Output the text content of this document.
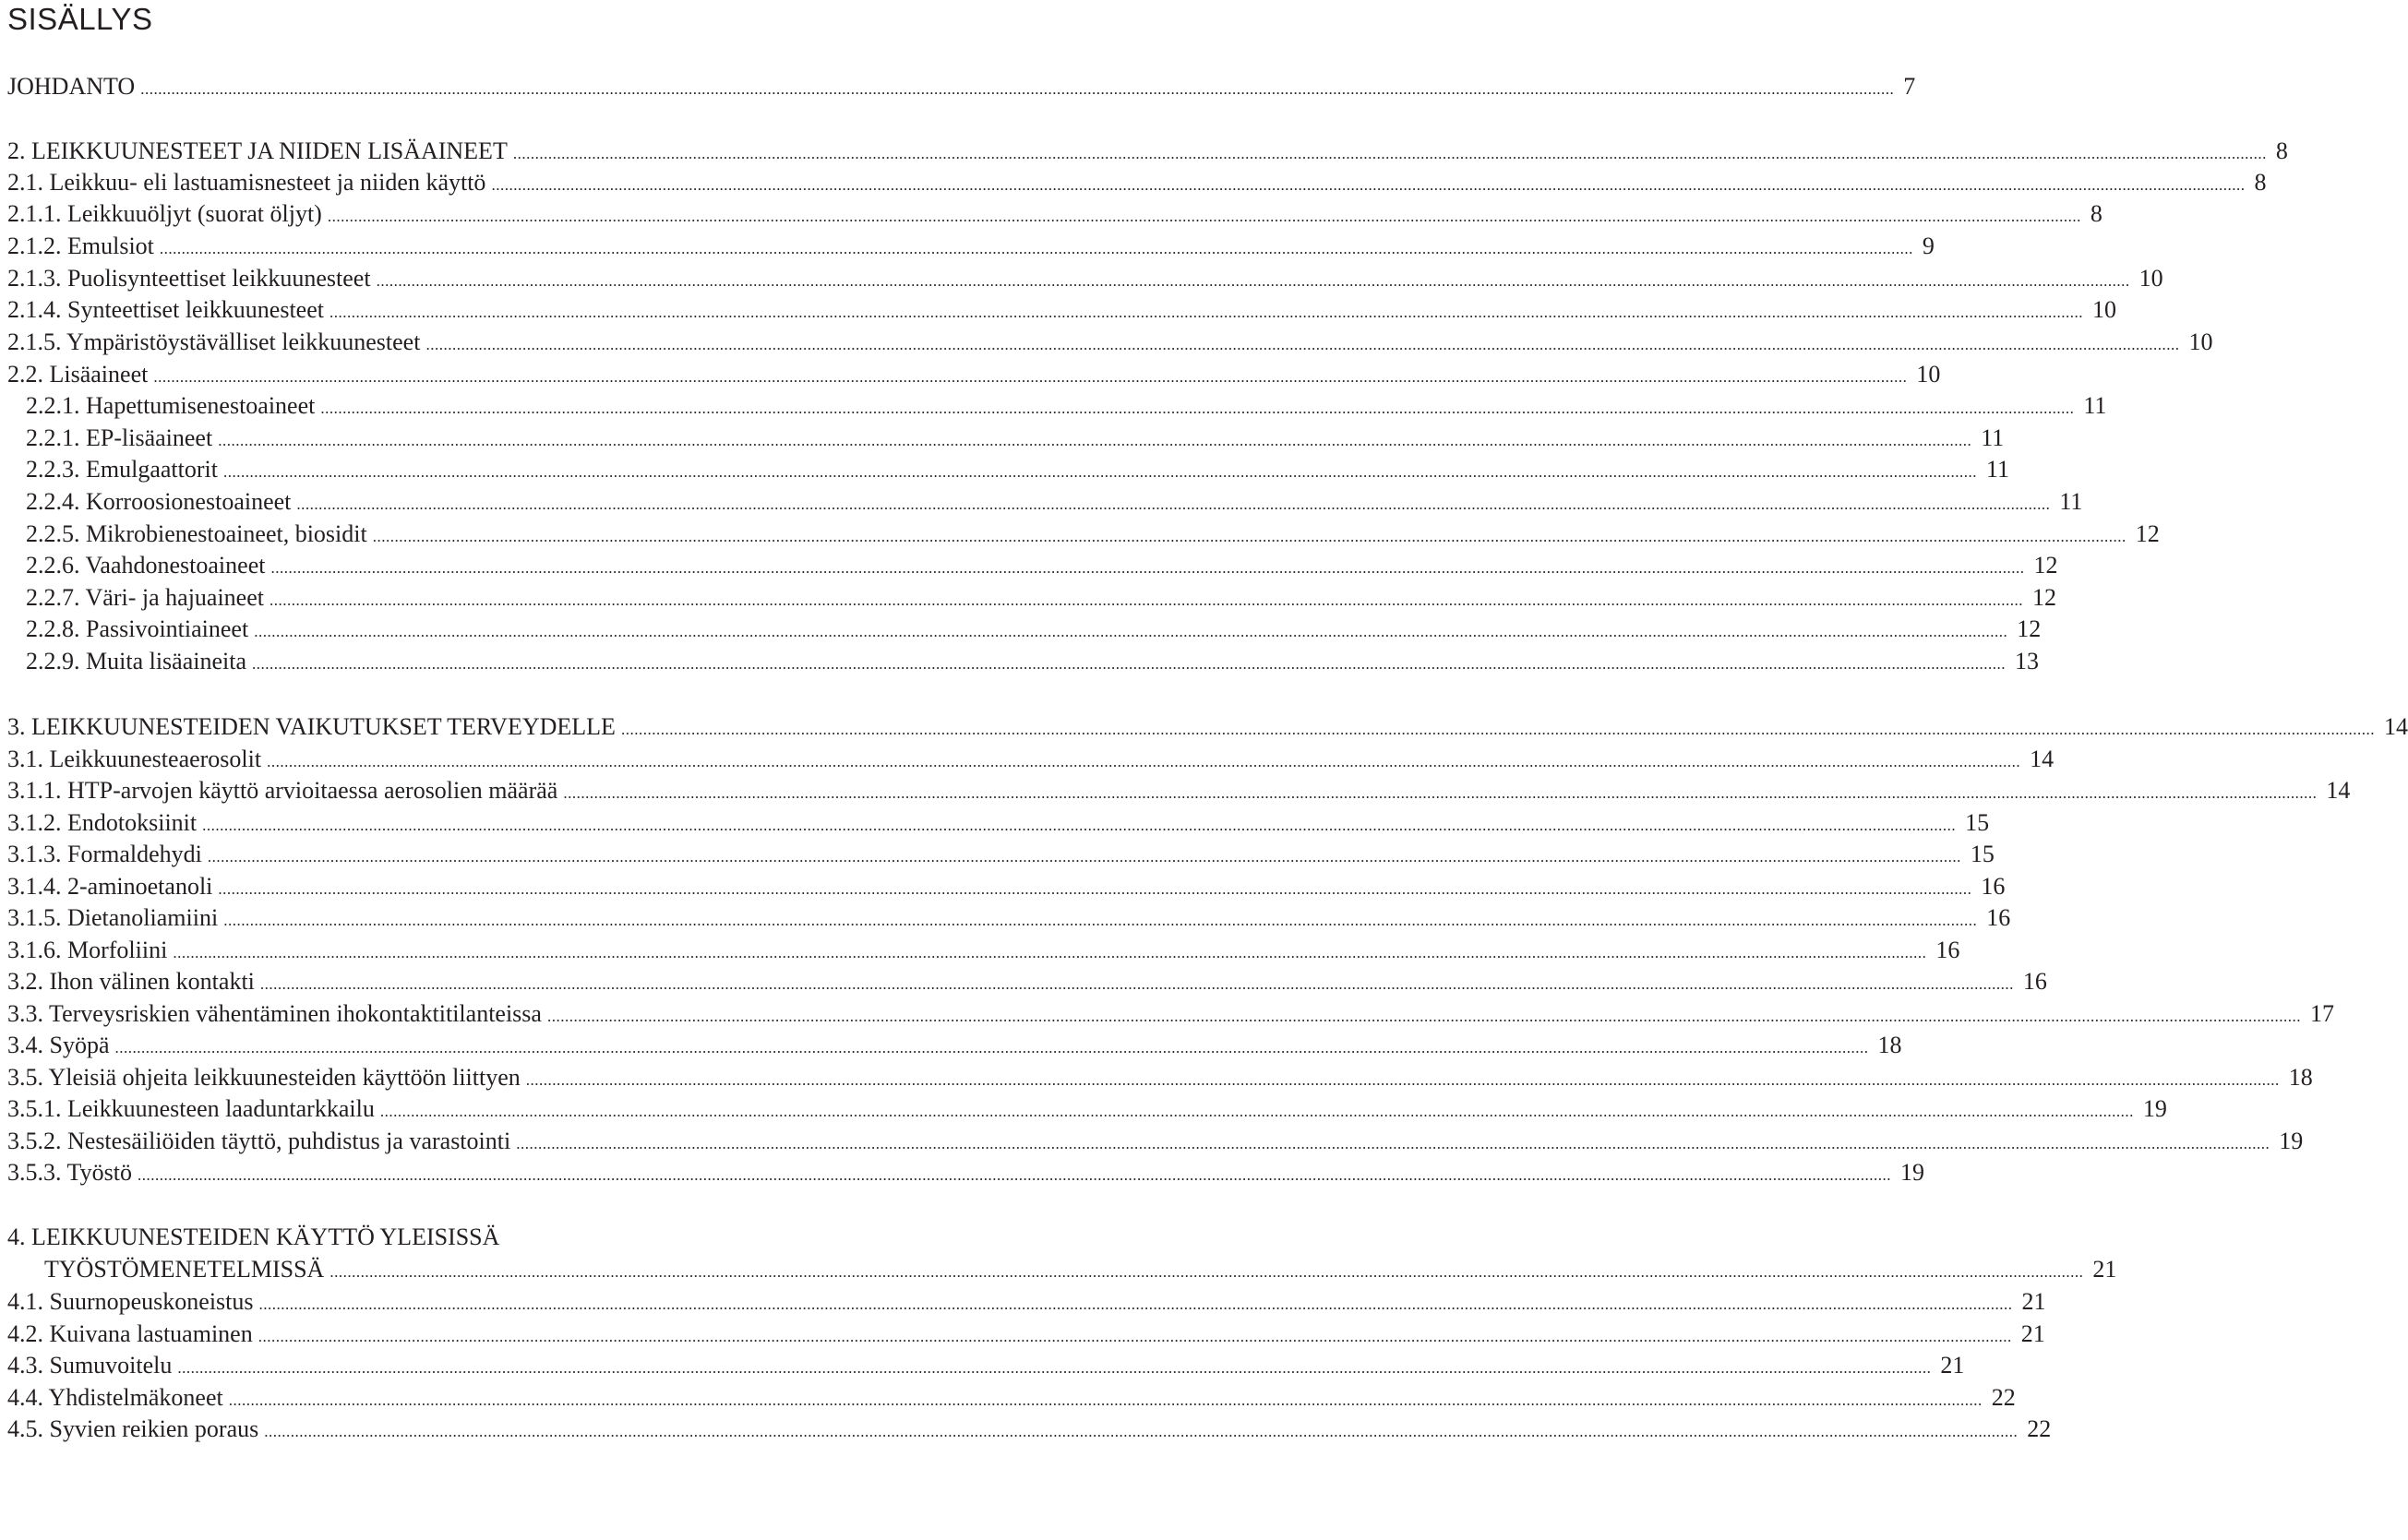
SISÄLLYS
JOHDANTO ................................................................................................................................................................................................................................................................................................................................................................................................................ 7
2. LEIKKUUNESTEET JA NIIDEN LISÄAINEET ................................................................................................................................................................................................................................................................................................................................................................................................................ 8
2.1. Leikkuu- eli lastuamisnesteet ja niiden käyttö ................................................................................................................................................................................................................................................................................................................................................................................................................ 8
2.1.1. Leikkuuöljyt (suorat öljyt) ................................................................................................................................................................................................................................................................................................................................................................................................................ 8
2.1.2. Emulsiot ................................................................................................................................................................................................................................................................................................................................................................................................................ 9
2.1.3. Puolisynteettiset leikkuunesteet ................................................................................................................................................................................................................................................................................................................................................................................................................ 10
2.1.4. Synteettiset leikkuunesteet ................................................................................................................................................................................................................................................................................................................................................................................................................ 10
2.1.5. Ympäristöystävälliset leikkuunesteet ................................................................................................................................................................................................................................................................................................................................................................................................................ 10
2.2. Lisäaineet ................................................................................................................................................................................................................................................................................................................................................................................................................ 10
2.2.1. Hapettumisenestoaineet ................................................................................................................................................................................................................................................................................................................................................................................................................ 11
2.2.1. EP-lisäaineet ................................................................................................................................................................................................................................................................................................................................................................................................................ 11
2.2.3. Emulgaattorit ................................................................................................................................................................................................................................................................................................................................................................................................................ 11
2.2.4. Korroosionestoaineet ................................................................................................................................................................................................................................................................................................................................................................................................................ 11
2.2.5. Mikrobienestoaineet, biosidit ................................................................................................................................................................................................................................................................................................................................................................................................................ 12
2.2.6. Vaahdonestoaineet ................................................................................................................................................................................................................................................................................................................................................................................................................ 12
2.2.7. Väri- ja hajuaineet ................................................................................................................................................................................................................................................................................................................................................................................................................ 12
2.2.8. Passivointiaineet ................................................................................................................................................................................................................................................................................................................................................................................................................ 12
2.2.9. Muita lisäaineita ................................................................................................................................................................................................................................................................................................................................................................................................................ 13
3. LEIKKUUNESTEIDEN VAIKUTUKSET TERVEYDELLE ................................................................................................................................................................................................................................................................................................................................................................................................................ 14
3.1. Leikkuunesteaerosolit ................................................................................................................................................................................................................................................................................................................................................................................................................ 14
3.1.1. HTP-arvojen käyttö arvioitaessa aerosolien määrää ................................................................................................................................................................................................................................................................................................................................................................................................................ 14
3.1.2. Endotoksiinit ................................................................................................................................................................................................................................................................................................................................................................................................................ 15
3.1.3. Formaldehydi ................................................................................................................................................................................................................................................................................................................................................................................................................ 15
3.1.4. 2-aminoetanoli ................................................................................................................................................................................................................................................................................................................................................................................................................ 16
3.1.5. Dietanoliamiini ................................................................................................................................................................................................................................................................................................................................................................................................................ 16
3.1.6. Morfoliini ................................................................................................................................................................................................................................................................................................................................................................................................................ 16
3.2. Ihon välinen kontakti ................................................................................................................................................................................................................................................................................................................................................................................................................ 16
3.3. Terveysriskien vähentäminen ihokontaktitilanteissa ................................................................................................................................................................................................................................................................................................................................................................................................................ 17
3.4. Syöpä ................................................................................................................................................................................................................................................................................................................................................................................................................ 18
3.5. Yleisiä ohjeita leikkuunesteiden käyttöön liittyen ................................................................................................................................................................................................................................................................................................................................................................................................................ 18
3.5.1. Leikkuunesteen laaduntarkkailu ................................................................................................................................................................................................................................................................................................................................................................................................................ 19
3.5.2. Nestesäiliöiden täyttö, puhdistus ja varastointi ................................................................................................................................................................................................................................................................................................................................................................................................................ 19
3.5.3. Työstö ................................................................................................................................................................................................................................................................................................................................................................................................................ 19
4. LEIKKUUNESTEIDEN KÄYTTÖ YLEISISSÄ
TYÖSTÖMENETELMISSÄ ................................................................................................................................................................................................................................................................................................................................................................................................................ 21
4.1. Suurnopeuskoneistus ................................................................................................................................................................................................................................................................................................................................................................................................................ 21
4.2. Kuivana lastuaminen ................................................................................................................................................................................................................................................................................................................................................................................................................ 21
4.3. Sumuvoitelu ................................................................................................................................................................................................................................................................................................................................................................................................................ 21
4.4. Yhdistelmäkoneet ................................................................................................................................................................................................................................................................................................................................................................................................................ 22
4.5. Syvien reikien poraus ................................................................................................................................................................................................................................................................................................................................................................................................................ 22
